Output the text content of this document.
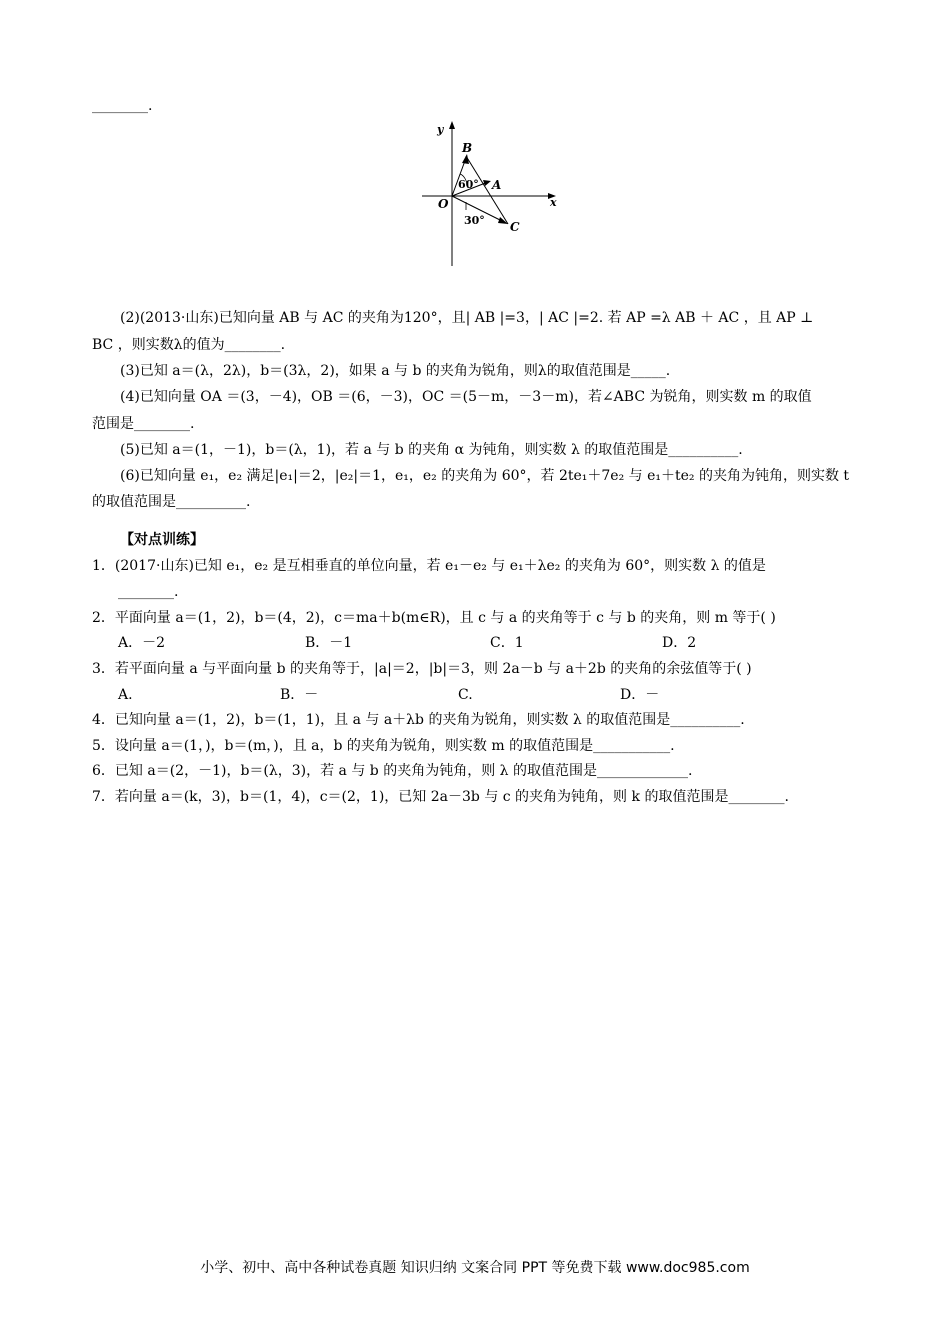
________.
y
x
O
B
A
C
60°
30°
(2)(2013·山东)已知向量 AB 与 AC 的夹角为120°，且| AB |=3，| AC |=2. 若 AP =λ AB ＋ AC ，且 AP ⊥
BC ，则实数λ的值为________.
(3)已知 a＝(λ，2λ)，b＝(3λ，2)，如果 a 与 b 的夹角为锐角，则λ的取值范围是_____.
(4)已知向量 OA ＝(3，－4)，OB ＝(6，－3)，OC ＝(5－m，－3－m)，若∠ABC 为锐角，则实数 m 的取值
范围是________.
(5)已知 a＝(1，－1)，b＝(λ，1)，若 a 与 b 的夹角 α 为钝角，则实数 λ 的取值范围是__________.
(6)已知向量 e₁，e₂ 满足|e₁|＝2，|e₂|＝1，e₁，e₂ 的夹角为 60°，若 2te₁＋7e₂ 与 e₁＋te₂ 的夹角为钝角，则实数 t
的取值范围是__________.
【对点训练】
1．(2017·山东)已知 e₁，e₂ 是互相垂直的单位向量，若 e₁－e₂ 与 e₁＋λe₂ 的夹角为 60°，则实数 λ 的值是
________.
2．平面向量 a＝(1，2)，b＝(4，2)，c＝ma＋b(m∈R)，且 c 与 a 的夹角等于 c 与 b 的夹角，则 m 等于( )
A．－2	B．－1	C．1	D．2
3．若平面向量 a 与平面向量 b 的夹角等于，|a|＝2，|b|＝3，则 2a－b 与 a＋2b 的夹角的余弦值等于( )
A.	B．－	C.	D．－
4．已知向量 a＝(1，2)，b＝(1，1)，且 a 与 a＋λb 的夹角为锐角，则实数 λ 的取值范围是__________.
5．设向量 a＝(1，)，b＝(m，)，且 a，b 的夹角为锐角，则实数 m 的取值范围是___________.
6．已知 a＝(2，－1)，b＝(λ，3)，若 a 与 b 的夹角为钝角，则 λ 的取值范围是_____________.
7．若向量 a＝(k，3)，b＝(1，4)，c＝(2，1)，已知 2a－3b 与 c 的夹角为钝角，则 k 的取值范围是________.
小学、初中、高中各种试卷真题 知识归纳 文案合同 PPT 等免费下载 www.doc985.com
